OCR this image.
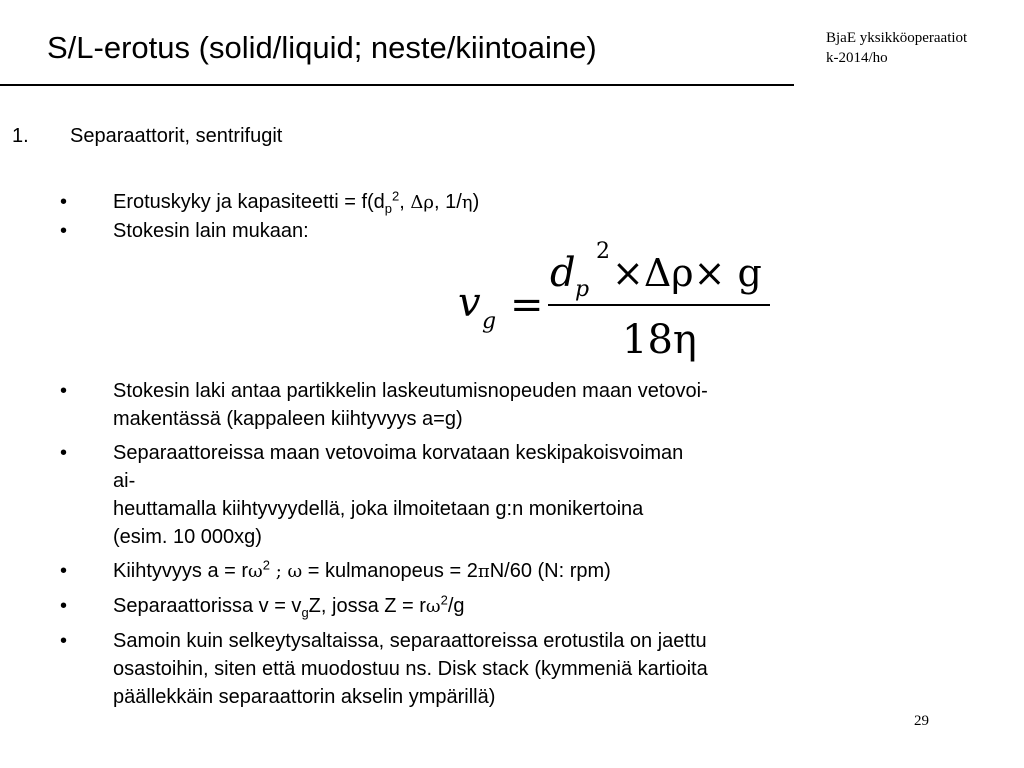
S/L-erotus (solid/liquid; neste/kiintoaine)	BjaE yksikköoperaatiot
k-2014/ho
1. Separaattorit, sentrifugit
•	Erotuskyky ja kapasiteetti = $f(d_p^2$, Δρ, 1/η)
•	Stokesin lain mukaan:
v g =
d p
2 ×Δρ× g
18η
•	Stokesin laki antaa partikkelin laskeutumisnopeuden maan vetovoi-
makentässä (kappaleen kiihtyvyys a=g)
•	Separaattoreissa maan vetovoima korvataan keskipakoisvoiman
ai-
heuttamalla kiihtyvyydellä, joka ilmoitetaan g:n monikertoina
(esim. 10 000xg)
•	Kiihtyvyys $a = r\omega^2$ ; ω = kulmanopeus = 2πN/60 (N: rpm)
•	Separaattorissa $v = v_gZ$, jossa $Z = r\omega^2/g$
•	Samoin kuin selkeytysaltaissa, separaattoreissa erotustila on jaettu
osastoihin, siten että muodostuu ns. Disk stack (kymmeniä kartioita
päällekkäin separaattorin akselin ympärillä)
29
